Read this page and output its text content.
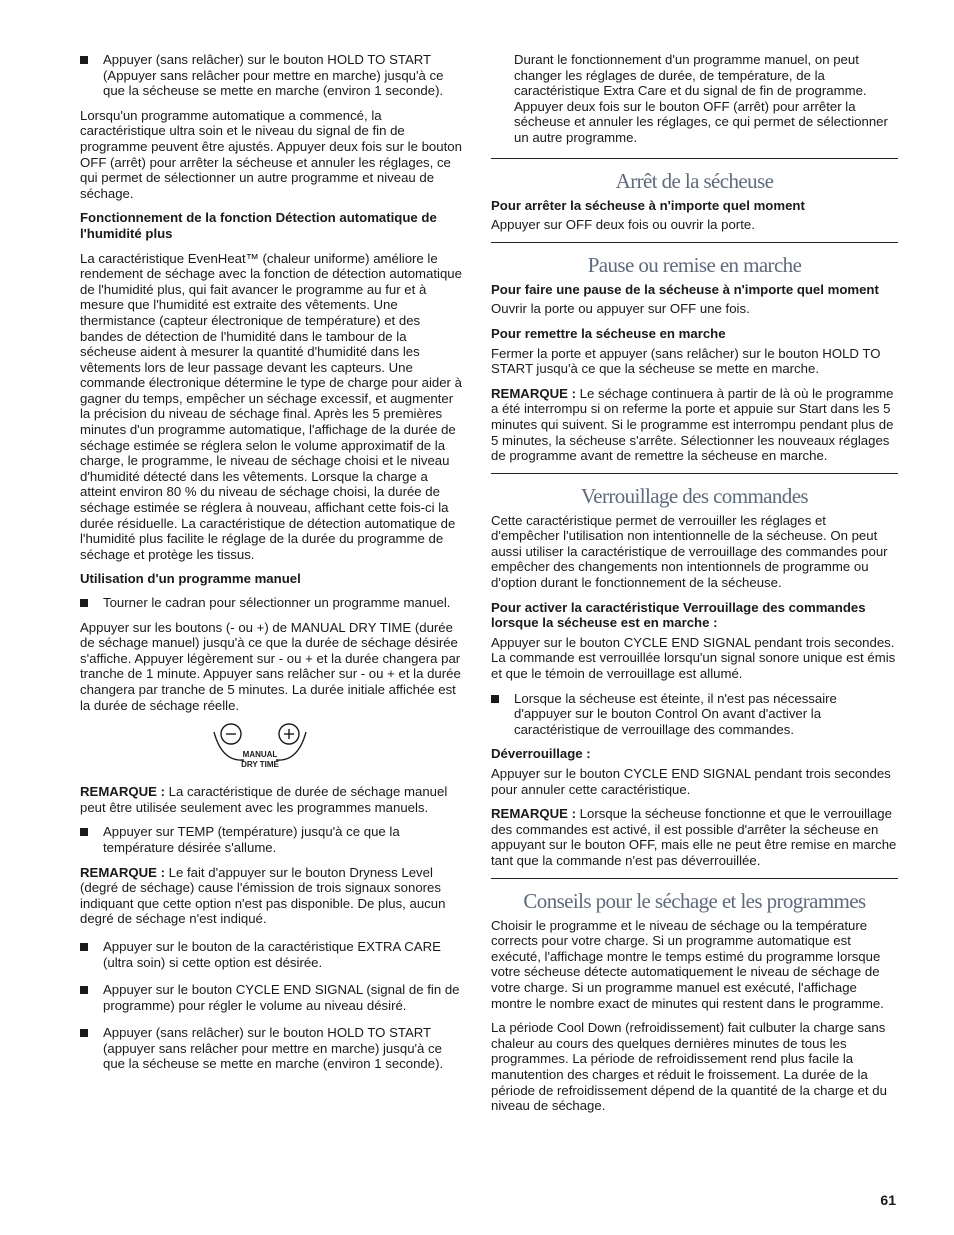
Appuyer (sans relâcher) sur le bouton HOLD TO START (Appuyer sans relâcher pour mettre en marche) jusqu'à ce que la sécheuse se mette en marche (environ 1 seconde).

Lorsqu'un programme automatique a commencé, la caractéristique ultra soin et le niveau du signal de fin de programme peuvent être ajustés. Appuyer deux fois sur le bouton OFF (arrêt) pour arrêter la sécheuse et annuler les réglages, ce qui permet de sélectionner un autre programme et niveau de séchage.

Fonctionnement de la fonction Détection automatique de l'humidité plus

La caractéristique EvenHeat™ (chaleur uniforme) améliore le rendement de séchage avec la fonction de détection automatique de l'humidité plus, qui fait avancer le programme au fur et à mesure que l'humidité est extraite des vêtements. Une thermistance (capteur électronique de température) et des bandes de détection de l'humidité dans le tambour de la sécheuse aident à mesurer la quantité d'humidité dans les vêtements lors de leur passage devant les capteurs. Une commande électronique détermine le type de charge pour aider à gagner du temps, empêcher un séchage excessif, et augmenter la précision du niveau de séchage final. Après les 5 premières minutes d'un programme automatique, l'affichage de la durée de séchage estimée se réglera selon le volume approximatif de la charge, le programme, le niveau de séchage choisi et le niveau d'humidité détecté dans les vêtements. Lorsque la charge a atteint environ 80 % du niveau de séchage choisi, la durée de séchage estimée se réglera à nouveau, affichant cette fois-ci la durée résiduelle. La caractéristique de détection automatique de l'humidité plus facilite le réglage de la durée du programme de séchage et protège les tissus.

Utilisation d'un programme manuel

Tourner le cadran pour sélectionner un programme manuel.

Appuyer sur les boutons (- ou +) de MANUAL DRY TIME (durée de séchage manuel) jusqu'à ce que la durée de séchage désirée s'affiche. Appuyer légèrement sur - ou + et la durée changera par tranche de 1 minute. Appuyer sans relâcher sur - ou + et la durée changera par tranche de 5 minutes. La durée initiale affichée est la durée de séchage réelle.

MANUAL
DRY TIME

REMARQUE : La caractéristique de durée de séchage manuel peut être utilisée seulement avec les programmes manuels.

Appuyer sur TEMP (température) jusqu'à ce que la température désirée s'allume.

REMARQUE : Le fait d'appuyer sur le bouton Dryness Level (degré de séchage) cause l'émission de trois signaux sonores indiquant que cette option n'est pas disponible. De plus, aucun degré de séchage n'est indiqué.

Appuyer sur le bouton de la caractéristique EXTRA CARE (ultra soin) si cette option est désirée.
Appuyer sur le bouton CYCLE END SIGNAL (signal de fin de programme) pour régler le volume au niveau désiré.
Appuyer (sans relâcher) sur le bouton HOLD TO START (appuyer sans relâcher pour mettre en marche) jusqu'à ce que la sécheuse se mette en marche (environ 1 seconde).

Durant le fonctionnement d'un programme manuel, on peut changer les réglages de durée, de température, de la caractéristique Extra Care et du signal de fin de programme. Appuyer deux fois sur le bouton OFF (arrêt) pour arrêter la sécheuse et annuler les réglages, ce qui permet de sélectionner un autre programme.

Arrêt de la sécheuse

Pour arrêter la sécheuse à n'importe quel moment

Appuyer sur OFF deux fois ou ouvrir la porte.

Pause ou remise en marche

Pour faire une pause de la sécheuse à n'importe quel moment

Ouvrir la porte ou appuyer sur OFF une fois.

Pour remettre la sécheuse en marche

Fermer la porte et appuyer (sans relâcher) sur le bouton HOLD TO START jusqu'à ce que la sécheuse se mette en marche.

REMARQUE : Le séchage continuera à partir de là où le programme a été interrompu si on referme la porte et appuie sur Start dans les 5 minutes qui suivent. Si le programme est interrompu pendant plus de 5 minutes, la sécheuse s'arrête. Sélectionner les nouveaux réglages de programme avant de remettre la sécheuse en marche.

Verrouillage des commandes

Cette caractéristique permet de verrouiller les réglages et d'empêcher l'utilisation non intentionnelle de la sécheuse. On peut aussi utiliser la caractéristique de verrouillage des commandes pour empêcher des changements non intentionnels de programme ou d'option durant le fonctionnement de la sécheuse.

Pour activer la caractéristique Verrouillage des commandes lorsque la sécheuse est en marche :

Appuyer sur le bouton CYCLE END SIGNAL pendant trois secondes. La commande est verrouillée lorsqu'un signal sonore unique est émis et que le témoin de verrouillage est allumé.

Lorsque la sécheuse est éteinte, il n'est pas nécessaire d'appuyer sur le bouton Control On avant d'activer la caractéristique de verrouillage des commandes.

Déverrouillage :

Appuyer sur le bouton CYCLE END SIGNAL pendant trois secondes pour annuler cette caractéristique.

REMARQUE : Lorsque la sécheuse fonctionne et que le verrouillage des commandes est activé, il est possible d'arrêter la sécheuse en appuyant sur le bouton OFF, mais elle ne peut être remise en marche tant que la commande n'est pas déverrouillée.

Conseils pour le séchage et les programmes

Choisir le programme et le niveau de séchage ou la température corrects pour votre charge. Si un programme automatique est exécuté, l'affichage montre le temps estimé du programme lorsque votre sécheuse détecte automatiquement le niveau de séchage de votre charge. Si un programme manuel est exécuté, l'affichage montre le nombre exact de minutes qui restent dans le programme.

La période Cool Down (refroidissement) fait culbuter la charge sans chaleur au cours des quelques dernières minutes de tous les programmes. La période de refroidissement rend plus facile la manutention des charges et réduit le froissement. La durée de la période de refroidissement dépend de la quantité de la charge et du niveau de séchage.

61
